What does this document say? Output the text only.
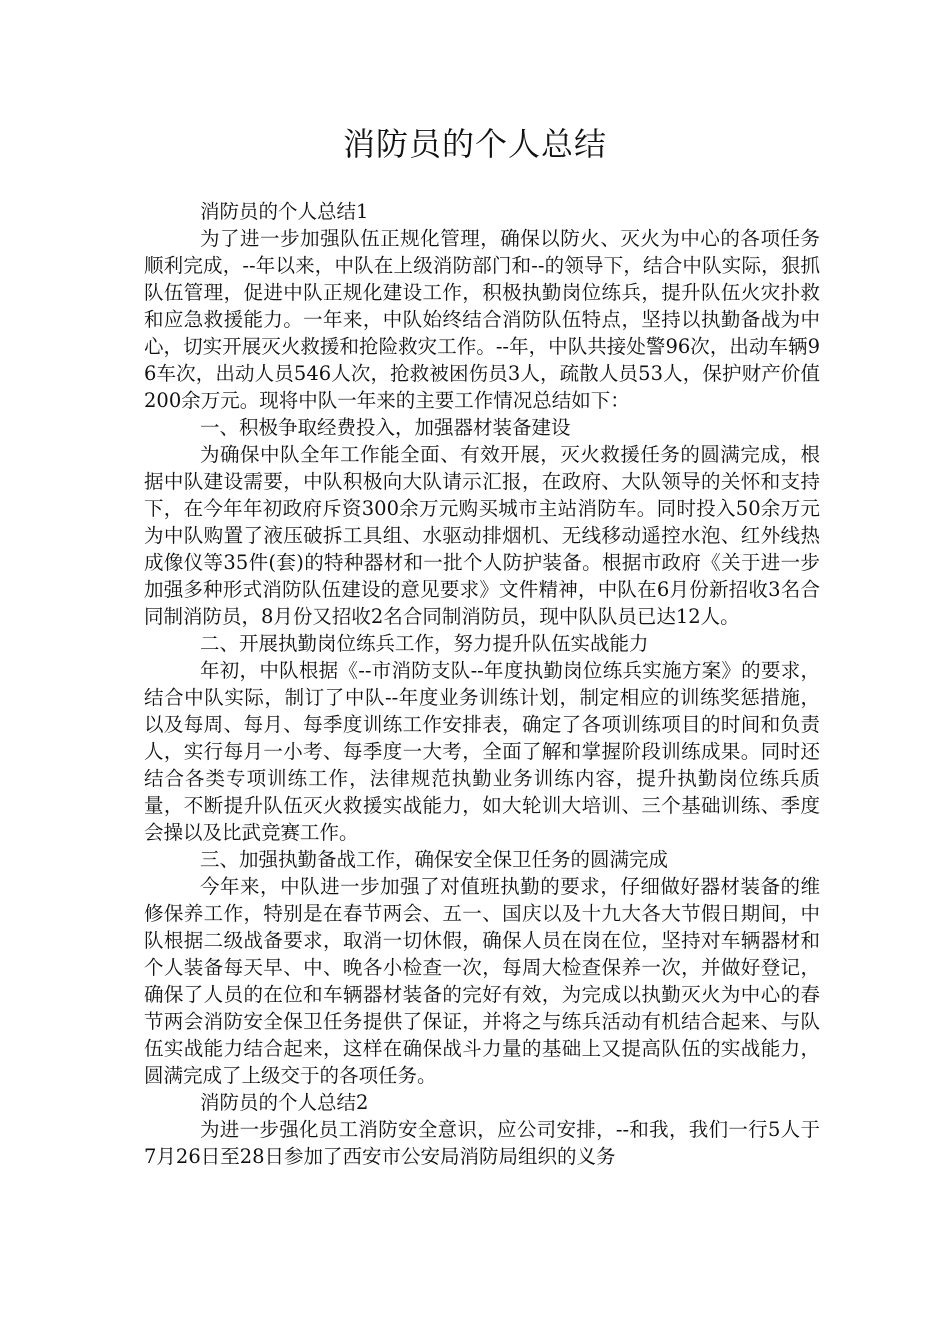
消防员的个人总结

消防员的个人总结1

为了进一步加强队伍正规化管理，确保以防火、灭火为中心的各项任务顺利完成，--年以来，中队在上级消防部门和--的领导下，结合中队实际，狠抓队伍管理，促进中队正规化建设工作，积极执勤岗位练兵，提升队伍火灾扑救和应急救援能力。一年来，中队始终结合消防队伍特点，坚持以执勤备战为中心，切实开展灭火救援和抢险救灾工作。--年，中队共接处警96次，出动车辆96车次，出动人员546人次，抢救被困伤员3人，疏散人员53人，保护财产价值200余万元。现将中队一年来的主要工作情况总结如下：

一、积极争取经费投入，加强器材装备建设

为确保中队全年工作能全面、有效开展，灭火救援任务的圆满完成，根据中队建设需要，中队积极向大队请示汇报，在政府、大队领导的关怀和支持下，在今年年初政府斥资300余万元购买城市主站消防车。同时投入50余万元为中队购置了液压破拆工具组、水驱动排烟机、无线移动遥控水泡、红外线热成像仪等35件(套)的特种器材和一批个人防护装备。根据市政府《关于进一步加强多种形式消防队伍建设的意见要求》文件精神，中队在6月份新招收3名合同制消防员，8月份又招收2名合同制消防员，现中队队员已达12人。

二、开展执勤岗位练兵工作，努力提升队伍实战能力

年初，中队根据《--市消防支队--年度执勤岗位练兵实施方案》的要求，结合中队实际，制订了中队--年度业务训练计划，制定相应的训练奖惩措施，以及每周、每月、每季度训练工作安排表，确定了各项训练项目的时间和负责人，实行每月一小考、每季度一大考，全面了解和掌握阶段训练成果。同时还结合各类专项训练工作，法律规范执勤业务训练内容，提升执勤岗位练兵质量，不断提升队伍灭火救援实战能力，如大轮训大培训、三个基础训练、季度会操以及比武竞赛工作。

三、加强执勤备战工作，确保安全保卫任务的圆满完成

今年来，中队进一步加强了对值班执勤的要求，仔细做好器材装备的维修保养工作，特别是在春节两会、五一、国庆以及十九大各大节假日期间，中队根据二级战备要求，取消一切休假，确保人员在岗在位，坚持对车辆器材和个人装备每天早、中、晚各小检查一次，每周大检查保养一次，并做好登记，确保了人员的在位和车辆器材装备的完好有效，为完成以执勤灭火为中心的春节两会消防安全保卫任务提供了保证，并将之与练兵活动有机结合起来、与队伍实战能力结合起来，这样在确保战斗力量的基础上又提高队伍的实战能力，圆满完成了上级交于的各项任务。

消防员的个人总结2

为进一步强化员工消防安全意识，应公司安排，--和我，我们一行5人于7月26日至28日参加了西安市公安局消防局组织的义务
